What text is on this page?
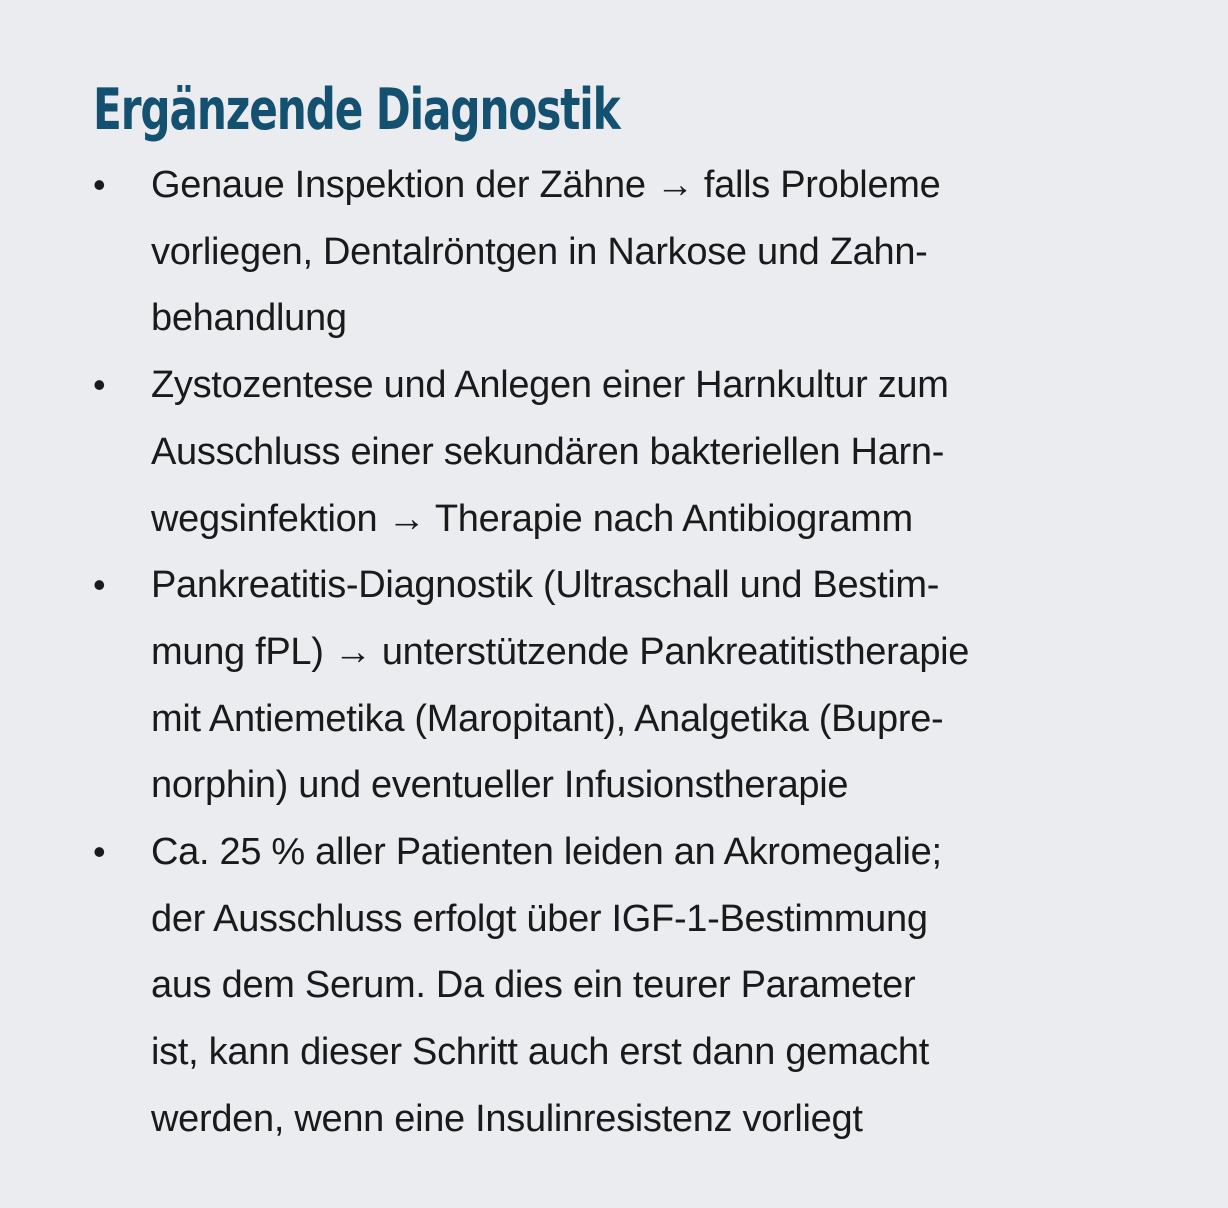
Ergänzende Diagnostik
• Genaue Inspektion der Zähne → falls Probleme
vorliegen, Dentalröntgen in Narkose und Zahn-
behandlung
• Zystozentese und Anlegen einer Harnkultur zum
Ausschluss einer sekundären bakteriellen Harn-
wegsinfektion → Therapie nach Antibiogramm
• Pankreatitis-Diagnostik (Ultraschall und Bestim-
mung fPL) → unterstützende Pankreatitistherapie
mit Antiemetika (Maropitant), Analgetika (Bupre-
norphin) und eventueller Infusionstherapie
• Ca. 25 % aller Patienten leiden an Akromegalie;
der Ausschluss erfolgt über IGF-1-Bestimmung
aus dem Serum. Da dies ein teurer Parameter
ist, kann dieser Schritt auch erst dann gemacht
werden, wenn eine Insulinresistenz vorliegt
